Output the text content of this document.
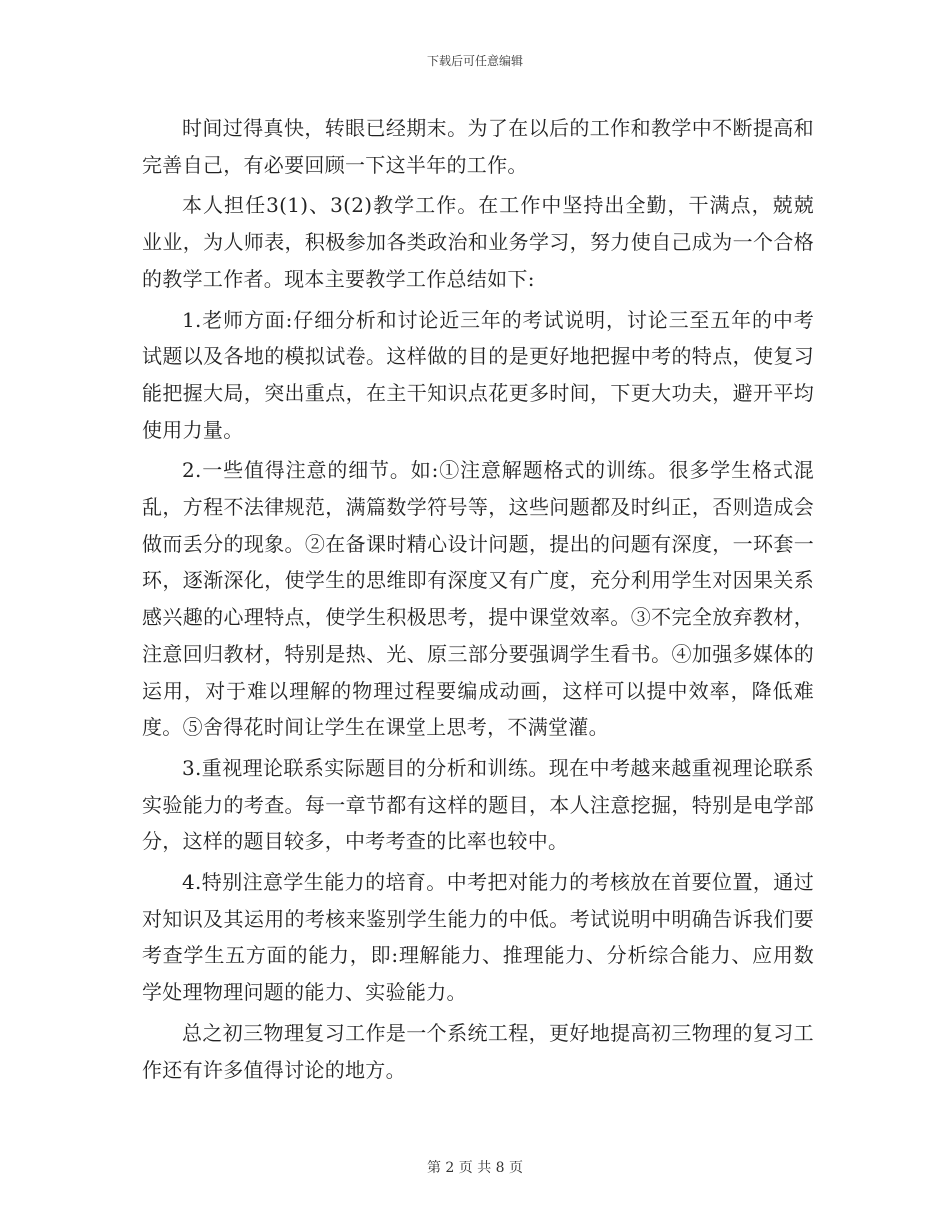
下载后可任意编辑

时间过得真快，转眼已经期末。为了在以后的工作和教学中不断提高和完善自己，有必要回顾一下这半年的工作。

本人担任3(1)、3(2)教学工作。在工作中坚持出全勤，干满点，兢兢业业，为人师表，积极参加各类政治和业务学习，努力使自己成为一个合格的教学工作者。现本主要教学工作总结如下:

1.老师方面:仔细分析和讨论近三年的考试说明，讨论三至五年的中考试题以及各地的模拟试卷。这样做的目的是更好地把握中考的特点，使复习能把握大局，突出重点，在主干知识点花更多时间，下更大功夫，避开平均使用力量。

2.一些值得注意的细节。如:①注意解题格式的训练。很多学生格式混乱，方程不法律规范，满篇数学符号等，这些问题都及时纠正，否则造成会做而丢分的现象。②在备课时精心设计问题，提出的问题有深度，一环套一环，逐渐深化，使学生的思维即有深度又有广度，充分利用学生对因果关系感兴趣的心理特点，使学生积极思考，提中课堂效率。③不完全放弃教材，注意回归教材，特别是热、光、原三部分要强调学生看书。④加强多媒体的运用，对于难以理解的物理过程要编成动画，这样可以提中效率，降低难度。⑤舍得花时间让学生在课堂上思考，不满堂灌。

3.重视理论联系实际题目的分析和训练。现在中考越来越重视理论联系实验能力的考查。每一章节都有这样的题目，本人注意挖掘，特别是电学部分，这样的题目较多，中考考查的比率也较中。

4.特别注意学生能力的培育。中考把对能力的考核放在首要位置，通过对知识及其运用的考核来鉴别学生能力的中低。考试说明中明确告诉我们要考查学生五方面的能力，即:理解能力、推理能力、分析综合能力、应用数学处理物理问题的能力、实验能力。

总之初三物理复习工作是一个系统工程，更好地提高初三物理的复习工作还有许多值得讨论的地方。

第 2 页 共 8 页
